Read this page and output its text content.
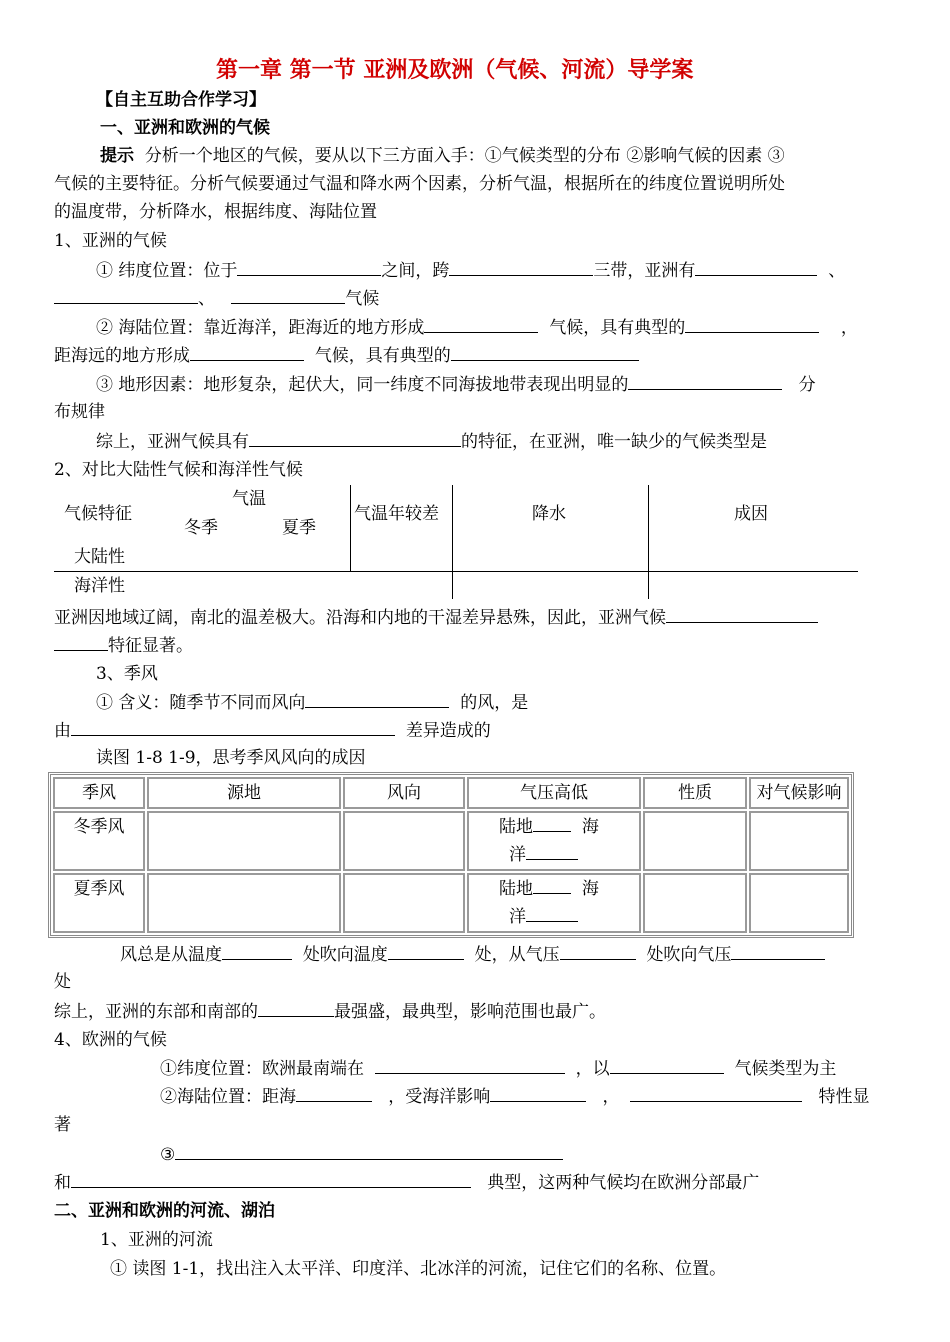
第一章 第一节 亚洲及欧洲（气候、河流）导学案
【自主互助合作学习】
一、亚洲和欧洲的气候
提示 分析一个地区的气候，要从以下三方面入手：①气候类型的分布 ②影响气候的因素 ③
气候的主要特征。分析气候要通过气温和降水两个因素，分析气温，根据所在的纬度位置说明所处
的温度带，分析降水，根据纬度、海陆位置
1、亚洲的气候
① 纬度位置：位于	之间，跨	三带，亚洲有	、
、	气候
② 海陆位置：靠近海洋，距海近的地方形成	气候，具有典型的	，
距海远的地方形成	气候，具有典型的
③ 地形因素：地形复杂，起伏大，同一纬度不同海拔地带表现出明显的	分
布规律
综上，亚洲气候具有	的特征，在亚洲，唯一缺少的气候类型是
2、对比大陆性气候和海洋性气候
气温
气候特征
冬季	夏季
气温年较差	降水	成因
大陆性
海洋性
亚洲因地域辽阔，南北的温差极大。沿海和内地的干湿差异悬殊，因此，亚洲气候
特征显著。
3、季风
① 含义：随季节不同而风向	的风，是
由	差异造成的
读图 1-8 1-9，思考季风风向的成因
季风	源地	风向	气压高低	性质	对气候影响
冬季风			陆地 海
洋		
夏季风			陆地 海
洋		
风总是从温度	处吹向温度	处，从气压	处吹向气压
处
综上，亚洲的东部和南部的	最强盛，最典型，影响范围也最广。
4、欧洲的气候
①纬度位置：欧洲最南端在	，以	气候类型为主
②海陆位置：距海	，受海洋影响	，	特性显
著
③
和	典型，这两种气候均在欧洲分部最广
二、亚洲和欧洲的河流、湖泊
1、亚洲的河流
① 读图 1-1，找出注入太平洋、印度洋、北冰洋的河流，记住它们的名称、位置。
